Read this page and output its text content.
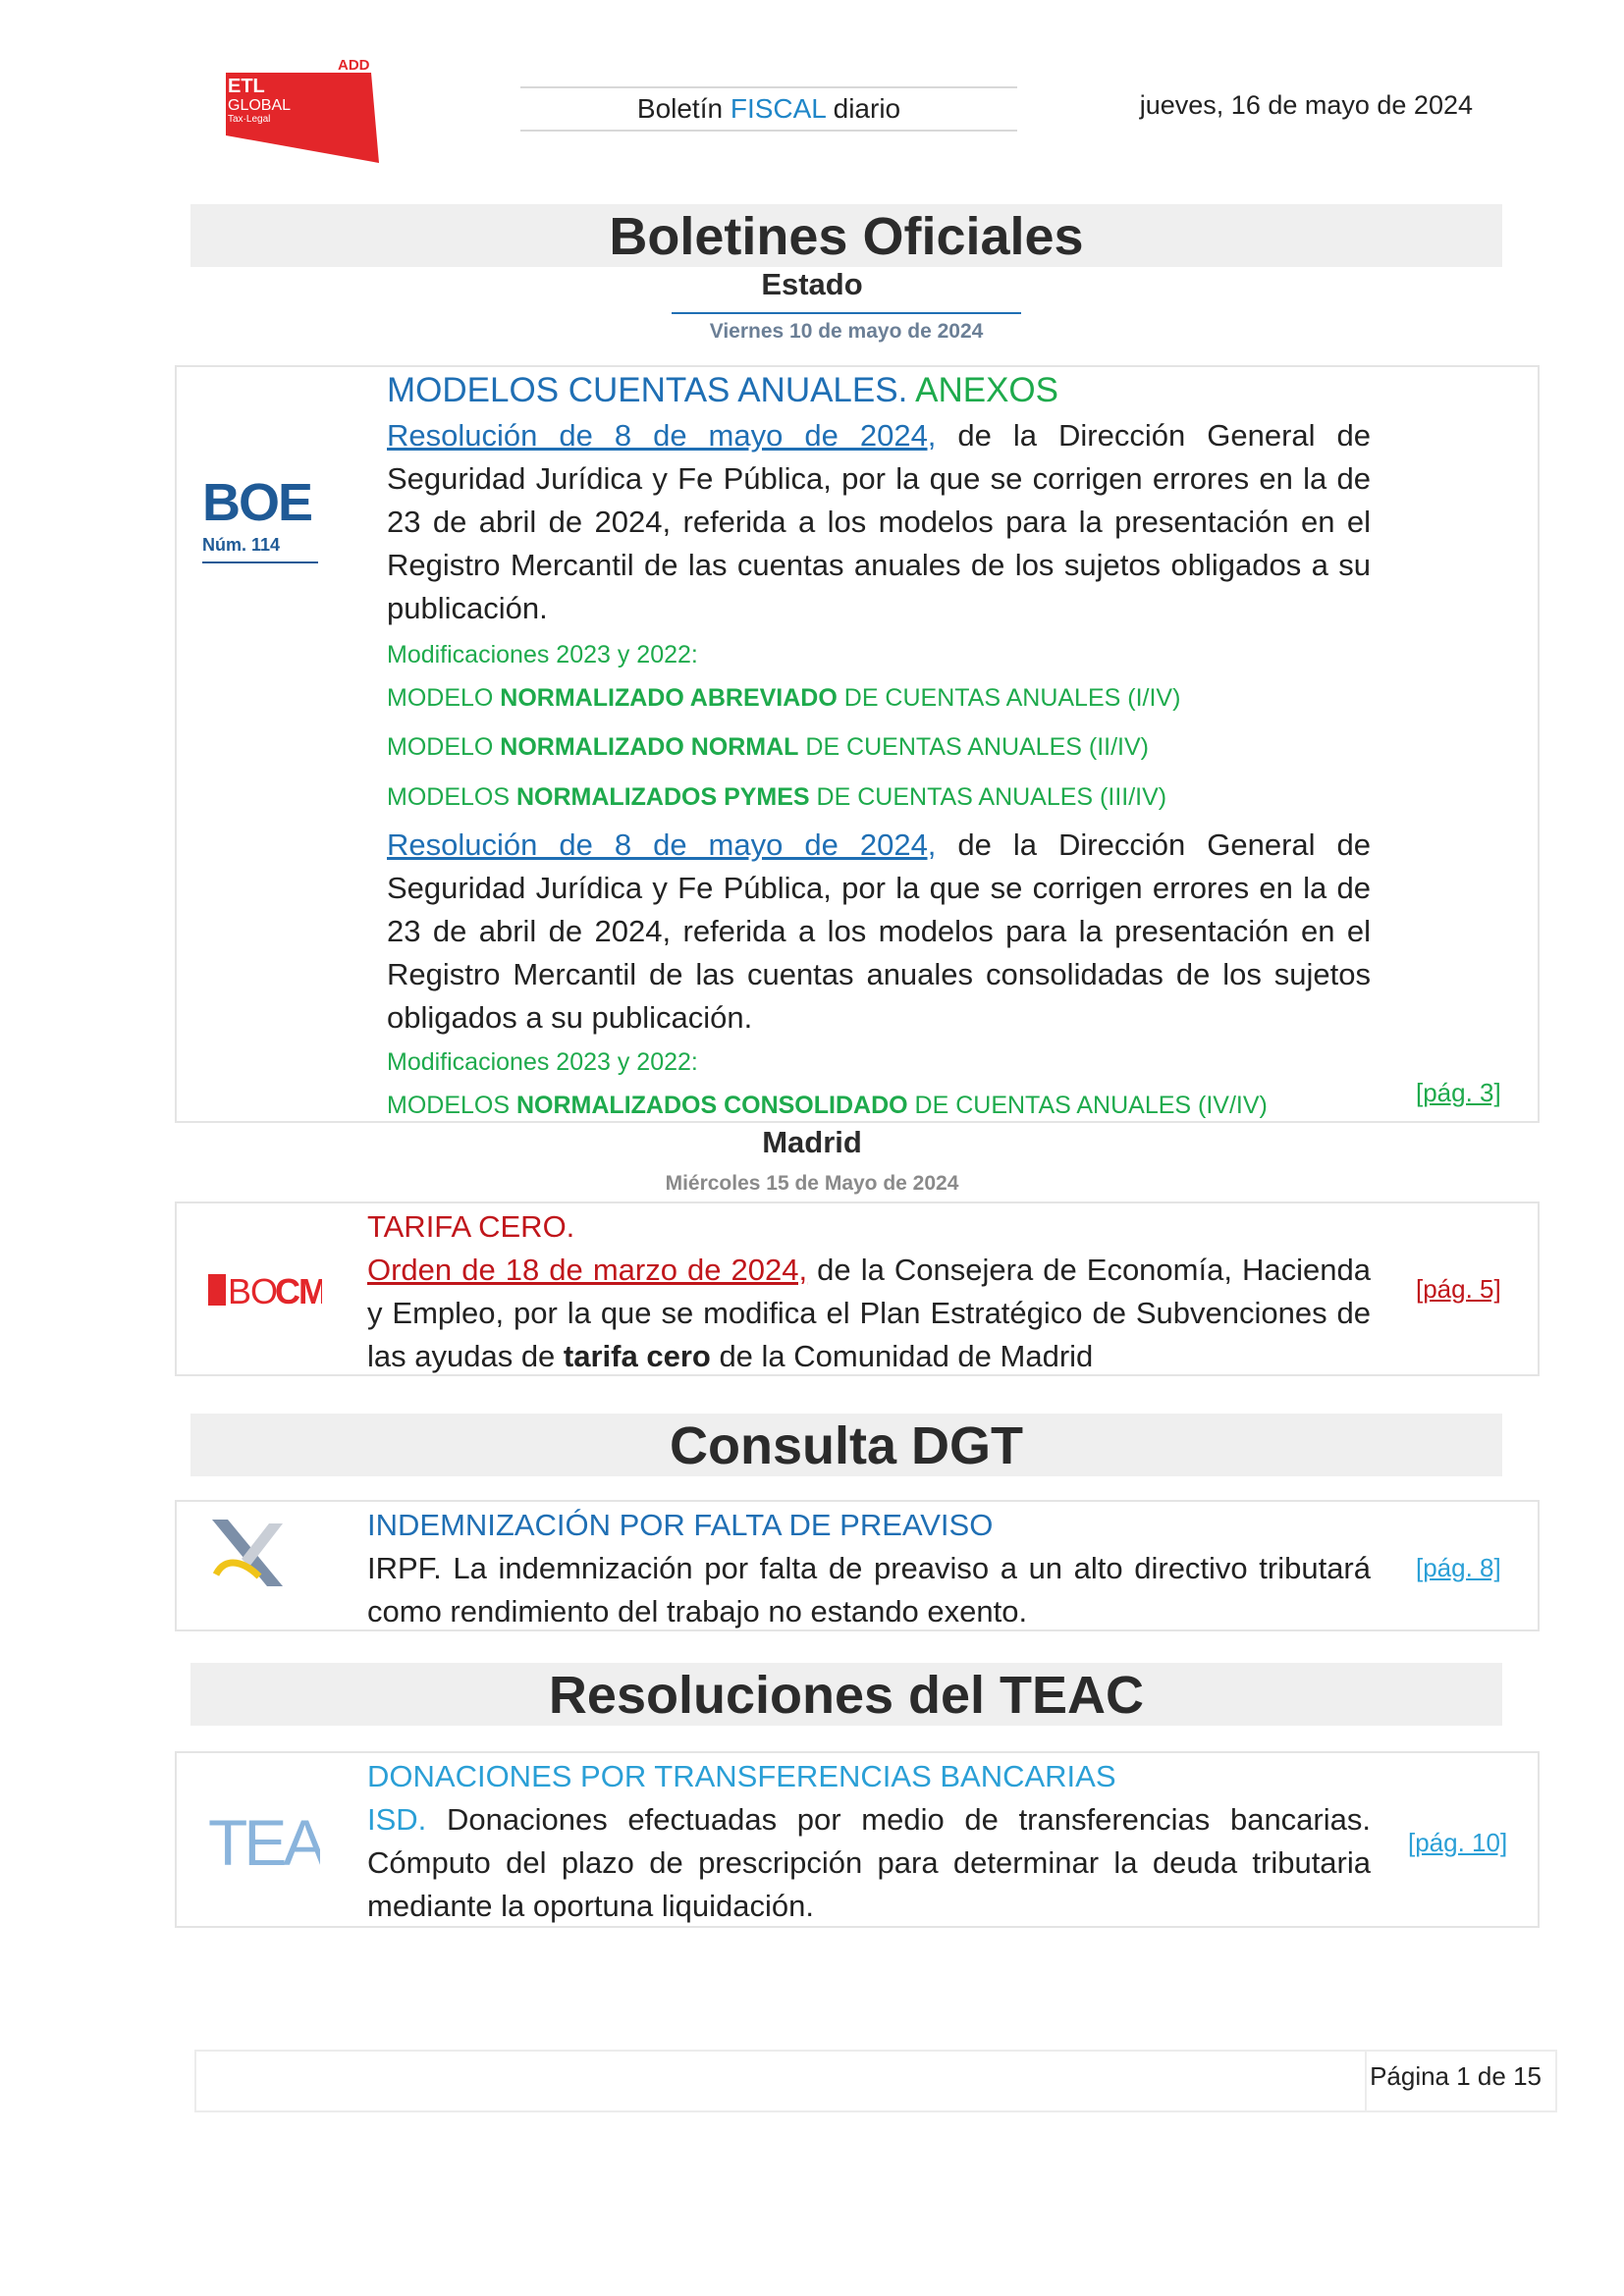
ADD
ETL
GLOBAL
Tax·Legal	Boletín FISCAL diario	jueves, 16 de mayo de 2024
Boletines Oficiales
Estado
Viernes 10 de mayo de 2024
BOE
Núm. 114
MODELOS CUENTAS ANUALES. ANEXOS
Resolución de 8 de mayo de 2024, de la Dirección General de Seguridad Jurídica y Fe Pública, por la que se corrigen errores en la de 23 de abril de 2024, referida a los modelos para la presentación en el Registro Mercantil de las cuentas anuales de los sujetos obligados a su publicación.
Modificaciones 2023 y 2022:
MODELO NORMALIZADO ABREVIADO DE CUENTAS ANUALES (I/IV)
MODELO NORMALIZADO NORMAL DE CUENTAS ANUALES (II/IV)
MODELOS NORMALIZADOS PYMES DE CUENTAS ANUALES (III/IV)
Resolución de 8 de mayo de 2024, de la Dirección General de Seguridad Jurídica y Fe Pública, por la que se corrigen errores en la de 23 de abril de 2024, referida a los modelos para la presentación en el Registro Mercantil de las cuentas anuales consolidadas de los sujetos obligados a su publicación.
Modificaciones 2023 y 2022:
MODELOS NORMALIZADOS CONSOLIDADO DE CUENTAS ANUALES (IV/IV)	[pág. 3]
Madrid
Miércoles 15 de Mayo de 2024
BO
CM
TARIFA CERO.
Orden de 18 de marzo de 2024, de la Consejera de Economía, Hacienda y Empleo, por la que se modifica el Plan Estratégico de Subvenciones de las ayudas de tarifa cero de la Comunidad de Madrid
[pág. 5]
Consulta DGT
INDEMNIZACIÓN POR FALTA DE PREAVISO
IRPF. La indemnización por falta de preaviso a un alto directivo tributará como rendimiento del trabajo no estando exento.
[pág. 8]
Resoluciones del TEAC
TEA
DONACIONES POR TRANSFERENCIAS BANCARIAS
ISD. Donaciones efectuadas por medio de transferencias bancarias. Cómputo del plazo de prescripción para determinar la deuda tributaria mediante la oportuna liquidación.
[pág. 10]
Página 1 de 15
